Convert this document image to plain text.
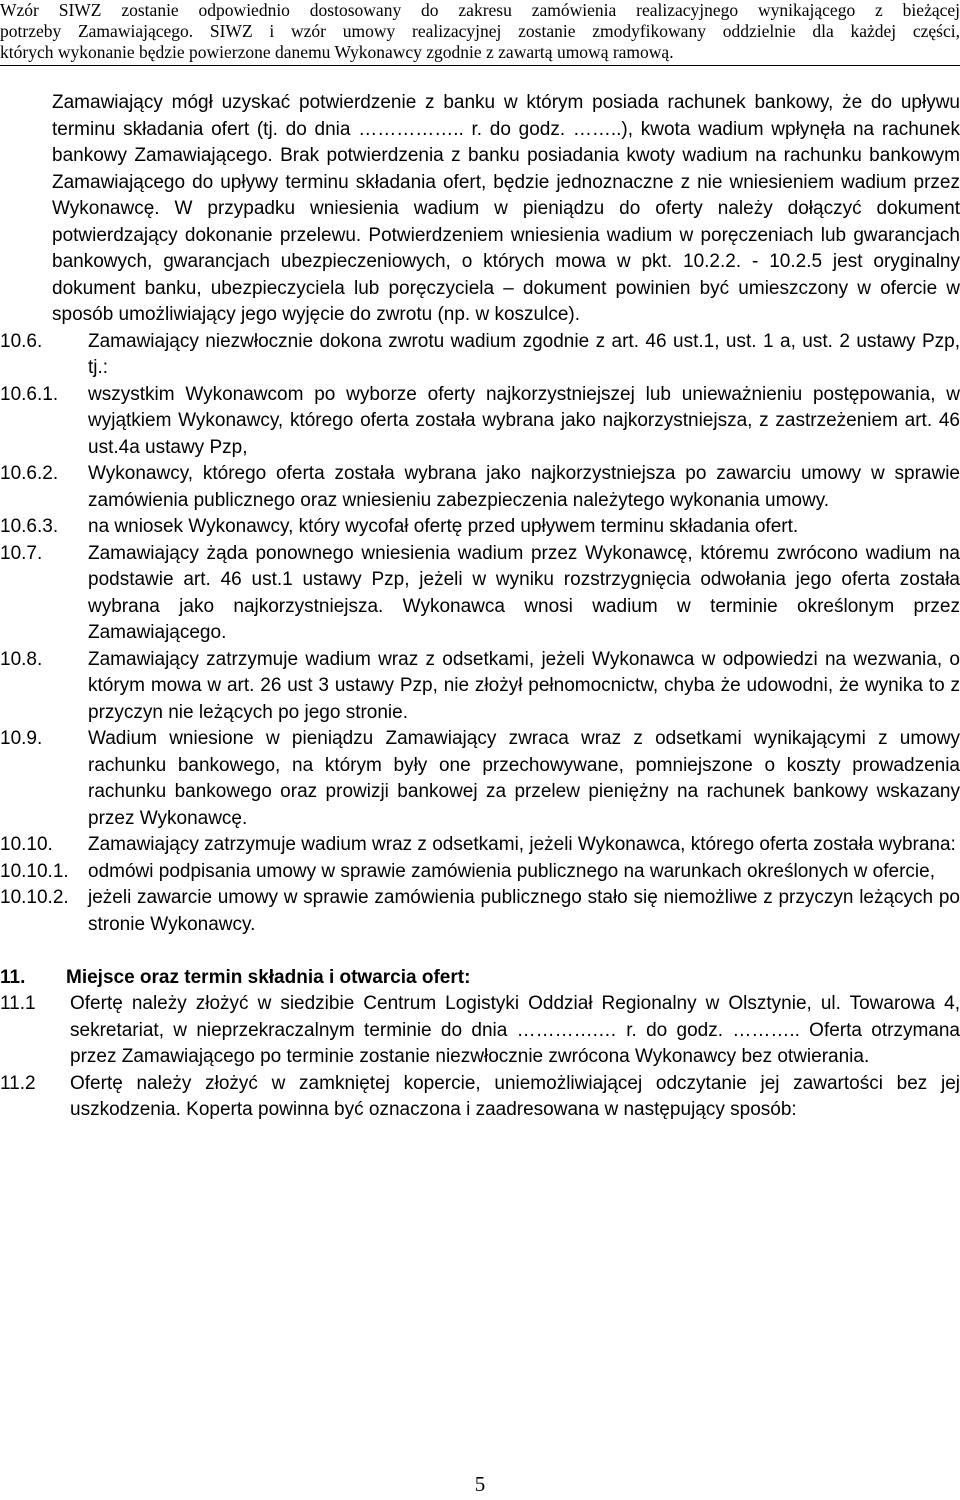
Wzór SIWZ zostanie odpowiednio dostosowany do zakresu zamówienia realizacyjnego wynikającego z bieżącej
potrzeby Zamawiającego. SIWZ i wzór umowy realizacyjnej zostanie zmodyfikowany oddzielnie dla każdej części,
których wykonanie będzie powierzone danemu Wykonawcy zgodnie z zawartą umową ramową.
Zamawiający mógł uzyskać potwierdzenie z banku w którym posiada rachunek bankowy, że do upływu terminu składania ofert (tj. do dnia …………….. r. do godz. ……..), kwota wadium wpłynęła na rachunek bankowy Zamawiającego. Brak potwierdzenia z banku posiadania kwoty wadium na rachunku bankowym Zamawiającego do upływy terminu składania ofert, będzie jednoznaczne z nie wniesieniem wadium przez Wykonawcę. W przypadku wniesienia wadium w pieniądzu do oferty należy dołączyć dokument potwierdzający dokonanie przelewu. Potwierdzeniem wniesienia wadium w poręczeniach lub gwarancjach bankowych, gwarancjach ubezpieczeniowych, o których mowa w pkt. 10.2.2. - 10.2.5 jest oryginalny dokument banku, ubezpieczyciela lub poręczyciela – dokument powinien być umieszczony w ofercie w sposób umożliwiający jego wyjęcie do zwrotu (np. w koszulce).
10.6.	Zamawiający niezwłocznie dokona zwrotu wadium zgodnie z art. 46 ust.1, ust. 1 a, ust. 2 ustawy Pzp, tj.:
10.6.1.	wszystkim Wykonawcom po wyborze oferty najkorzystniejszej lub unieważnieniu postępowania, w wyjątkiem Wykonawcy, którego oferta została wybrana jako najkorzystniejsza, z zastrzeżeniem art. 46 ust.4a ustawy Pzp,
10.6.2.	Wykonawcy, którego oferta została wybrana jako najkorzystniejsza po zawarciu umowy w sprawie zamówienia publicznego oraz wniesieniu zabezpieczenia należytego wykonania umowy.
10.6.3.	na wniosek Wykonawcy, który wycofał ofertę przed upływem terminu składania ofert.
10.7.	Zamawiający żąda ponownego wniesienia wadium przez Wykonawcę, któremu zwrócono wadium na podstawie art. 46 ust.1 ustawy Pzp, jeżeli w wyniku rozstrzygnięcia odwołania jego oferta została wybrana jako najkorzystniejsza. Wykonawca wnosi wadium w terminie określonym przez Zamawiającego.
10.8.	Zamawiający zatrzymuje wadium wraz z odsetkami, jeżeli Wykonawca w odpowiedzi na wezwania, o którym mowa w art. 26 ust 3 ustawy Pzp, nie złożył pełnomocnictw, chyba że udowodni, że wynika to z przyczyn nie leżących po jego stronie.
10.9.	Wadium wniesione w pieniądzu Zamawiający zwraca wraz z odsetkami wynikającymi z umowy rachunku bankowego, na którym były one przechowywane, pomniejszone o koszty prowadzenia rachunku bankowego oraz prowizji bankowej za przelew pieniężny na rachunek bankowy wskazany przez Wykonawcę.
10.10.	Zamawiający zatrzymuje wadium wraz z odsetkami, jeżeli Wykonawca, którego oferta została wybrana:
10.10.1.	odmówi podpisania umowy w sprawie zamówienia publicznego na warunkach określonych w ofercie,
10.10.2.	jeżeli zawarcie umowy w sprawie zamówienia publicznego stało się niemożliwe z przyczyn leżących po stronie Wykonawcy.
11.	Miejsce oraz termin składnia i otwarcia ofert:
11.1	Ofertę należy złożyć w siedzibie Centrum Logistyki Oddział Regionalny w Olsztynie, ul. Towarowa 4, sekretariat, w nieprzekraczalnym terminie do dnia ………….… r. do godz. ……….. Oferta otrzymana przez Zamawiającego po terminie zostanie niezwłocznie zwrócona Wykonawcy bez otwierania.
11.2	Ofertę należy złożyć w zamkniętej kopercie, uniemożliwiającej odczytanie jej zawartości bez jej uszkodzenia. Koperta powinna być oznaczona i zaadresowana w następujący sposób:
5
